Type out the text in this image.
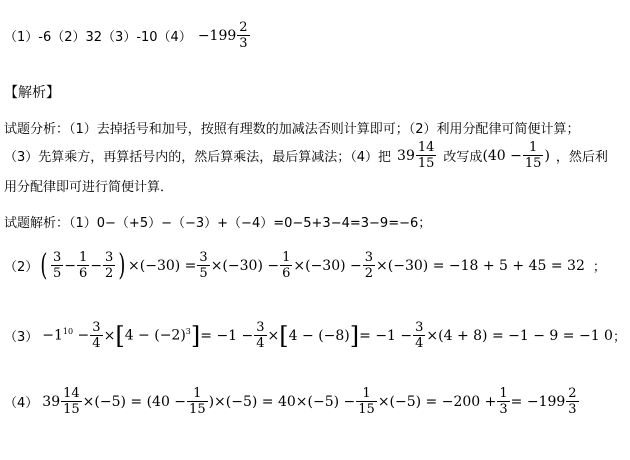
$(1)-6(2)32(3)-10(4) -199 \frac{2}{3}$
【解析】
试题分析：（1）去掉括号和加号，按照有理数的加减法否则计算即可；（2）利用分配律可简便计算；
（3）先算乘方，再算括号内的，然后算乘法，最后算减法；（4）把 $39 \frac{14}{15}$ 改写成 ($40 - \frac{1}{15}$ ) ，然后利
用分配律即可进行简便计算．
试题解析：（1）0−（+5）−（−3）+（−4）=0−5+3−4=3−9=−6；
（2） ( $\frac{3}{5} - \frac{1}{6} - \frac{3}{2}$ ) $\times(-30) = \frac{3}{5} \times(-30) - \frac{1}{6} \times(-30) - \frac{3}{2} \times(-30) = -18 + 5 + 45 = 32$ ；
$(3) -1^{10} - \frac{3}{4}$ × [ $4 - (-2)^3$ ] = $-1 - \frac{3}{4}$ × [ 4 − (−8) ] = $-1 - \frac{3}{4} \times(4 + 8) = -1 - 9 = -1$ 0 ；
（4） $39 \frac{14}{15} \times(-5) = (40 - \frac{1}{15} )\times(-5) = 40\times(-5) - \frac{1}{15} \times(-5) = -200 + \frac{1}{3} = -199 \frac{2}{3}$
